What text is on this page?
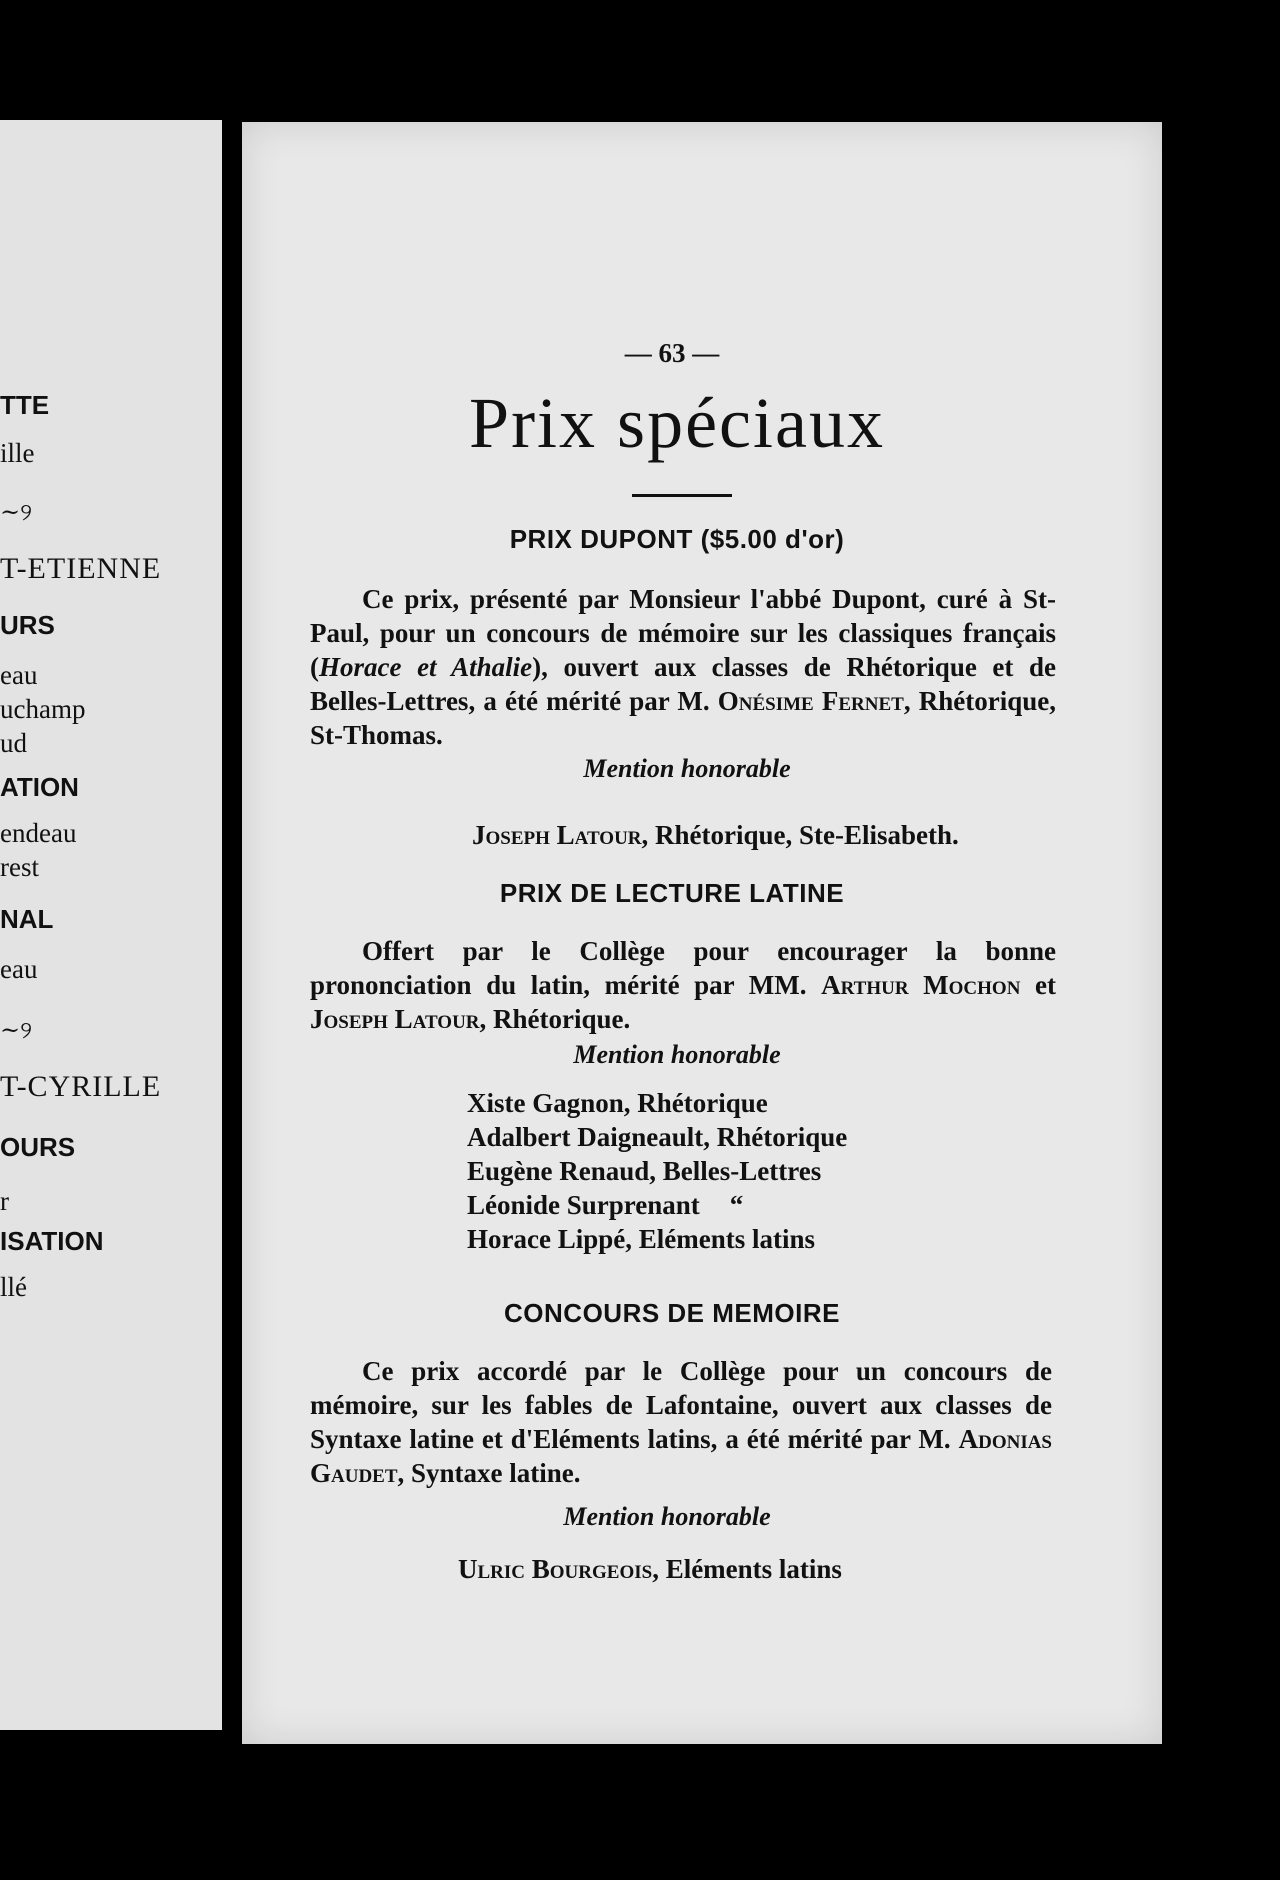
TTE
ille
~୨
T-ETIENNE
URS
eau
uchamp
ud
ATION
endeau
rest
NAL
eau
~୨
T-CYRILLE
OURS
r
ISATION
llé
— 63 —
Prix spéciaux
PRIX DUPONT ($5.00 d'or)

Ce prix, présenté par Monsieur l'abbé Dupont, curé à St-Paul, pour un concours de mémoire sur les classiques français (Horace et Athalie), ouvert aux classes de Rhétorique et de Belles-Lettres, a été mérité par M. Onésime Fernet, Rhétorique, St-Thomas.

Mention honorable
Joseph Latour, Rhétorique, Ste-Elisabeth.
PRIX DE LECTURE LATINE

Offert par le Collège pour encourager la bonne prononciation du latin, mérité par MM. Arthur Mochon et Joseph Latour, Rhétorique.

Mention honorable
Xiste Gagnon, Rhétorique
Adalbert Daigneault, Rhétorique
Eugène Renaud, Belles-Lettres
Léonide Surprenant “
Horace Lippé, Eléments latins
CONCOURS DE MEMOIRE

Ce prix accordé par le Collège pour un concours de mémoire, sur les fables de Lafontaine, ouvert aux classes de Syntaxe latine et d'Eléments latins, a été mérité par M. Adonias Gaudet, Syntaxe latine.

Mention honorable
Ulric Bourgeois, Eléments latins
